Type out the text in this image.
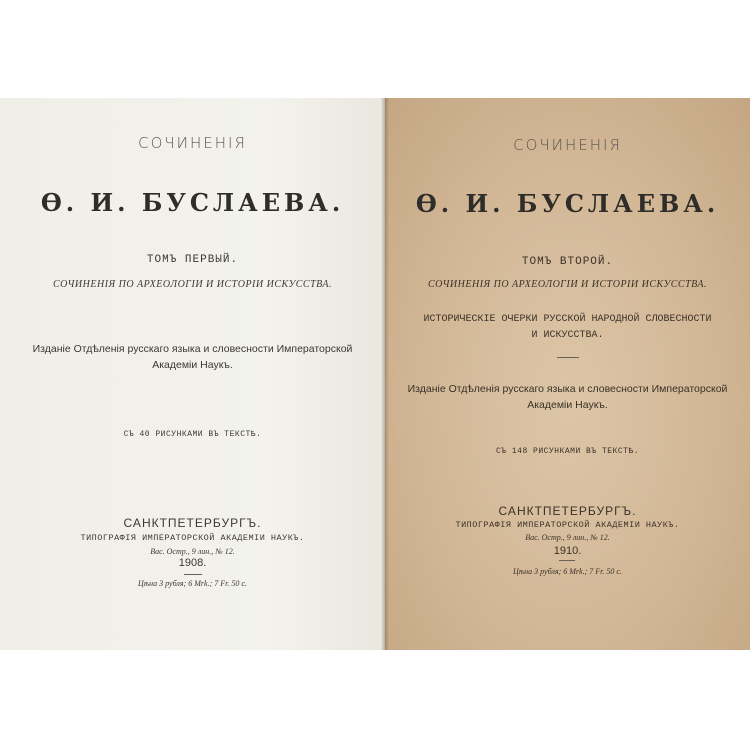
СОЧИНЕНІЯ
Ѳ. И. БУСЛАЕВА.
ТОМЪ ПЕРВЫЙ.
СОЧИНЕНІЯ ПО АРХЕОЛОГІИ И ИСТОРІИ ИСКУССТВА.
Изданіе Отдѣленія русскаго языка и словесности Императорской
Академіи Наукъ.
СЪ 40 РИСУНКАМИ ВЪ ТЕКСТѢ.
САНКТПЕТЕРБУРГЪ.
ТИПОГРАФІЯ ИМПЕРАТОРСКОЙ АКАДЕМІИ НАУКЪ.
Вас. Остр., 9 лин., № 12.
1908.
Цѣна 3 рубля; 6 Mrk.; 7 Fr. 50 c.
СОЧИНЕНІЯ
Ѳ. И. БУСЛАЕВА.
ТОМЪ ВТОРОЙ.
СОЧИНЕНІЯ ПО АРХЕОЛОГІИ И ИСТОРІИ ИСКУССТВА.
ИСТОРИЧЕСКІЕ ОЧЕРКИ РУССКОЙ НАРОДНОЙ СЛОВЕСНОСТИ
И ИСКУССТВА.
Изданіе Отдѣленія русскаго языка и словесности Императорской
Академіи Наукъ.
СЪ 148 РИСУНКАМИ ВЪ ТЕКСТѢ.
САНКТПЕТЕРБУРГЪ.
ТИПОГРАФІЯ ИМПЕРАТОРСКОЙ АКАДЕМІИ НАУКЪ.
Вас. Остр., 9 лин., № 12.
1910.
Цѣна 3 рубля; 6 Mrk.; 7 Fr. 50 c.
